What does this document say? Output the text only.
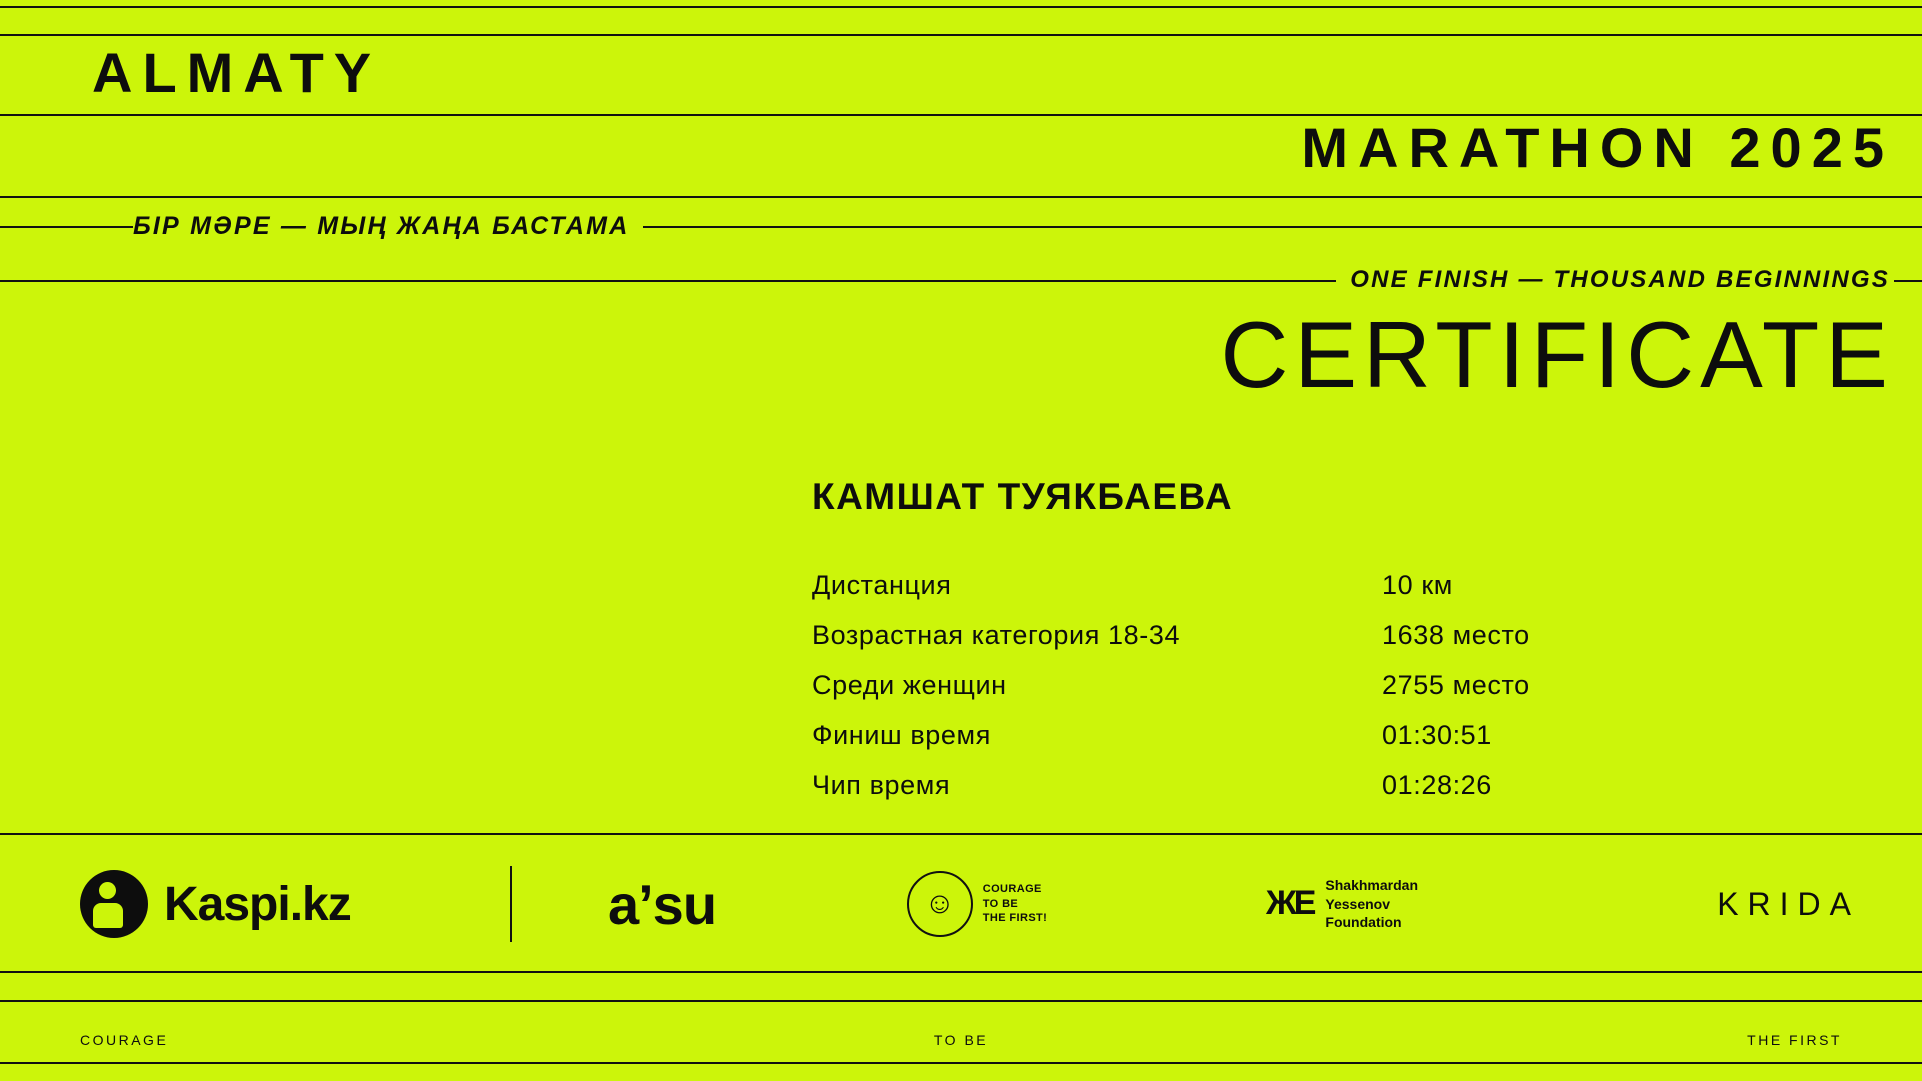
ALMATY
MARATHON 2025
БІР МӘРЕ — МЫҢ ЖАҢА БАСТАМА
ONE FINISH — THOUSAND BEGINNINGS
CERTIFICATE
КАМШАТ ТУЯКБАЕВА
Дистанция	10 км
Возрастная категория 18-34	1638 место
Среди женщин	2755 место
Финиш время	01:30:51
Чип время	01:28:26
Kaspi.kz	aʼsu	☺	COURAGE
TO BE
THE FIRST!	ЖЕ Shakhmardan
Yessenov
Foundation
KRIDA
COURAGE	TO BE	THE FIRST
